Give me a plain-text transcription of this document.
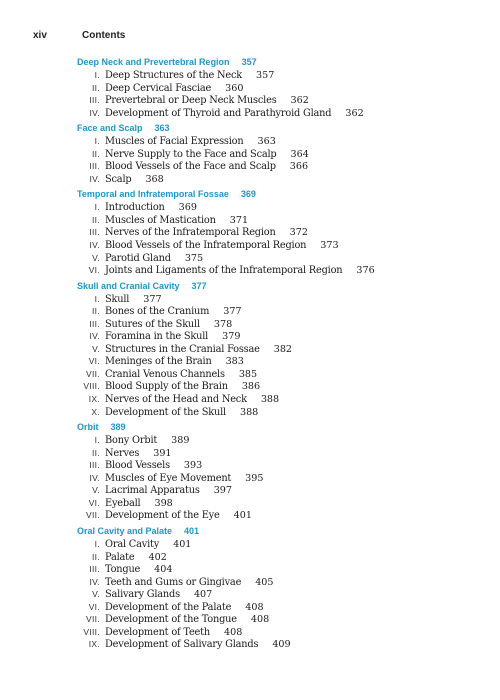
xiv	Contents
Deep Neck and Prevertebral Region 357
I. Deep Structures of the Neck 357
II. Deep Cervical Fasciae 360
III. Prevertebral or Deep Neck Muscles 362
IV. Development of Thyroid and Parathyroid Gland 362
Face and Scalp 363
I. Muscles of Facial Expression 363
II. Nerve Supply to the Face and Scalp 364
III. Blood Vessels of the Face and Scalp 366
IV. Scalp 368
Temporal and Infratemporal Fossae 369
I. Introduction 369
II. Muscles of Mastication 371
III. Nerves of the Infratemporal Region 372
IV. Blood Vessels of the Infratemporal Region 373
V. Parotid Gland 375
VI. Joints and Ligaments of the Infratemporal Region 376
Skull and Cranial Cavity 377
I. Skull 377
II. Bones of the Cranium 377
III. Sutures of the Skull 378
IV. Foramina in the Skull 379
V. Structures in the Cranial Fossae 382
VI. Meninges of the Brain 383
VII. Cranial Venous Channels 385
VIII. Blood Supply of the Brain 386
IX. Nerves of the Head and Neck 388
X. Development of the Skull 388
Orbit 389
I. Bony Orbit 389
II. Nerves 391
III. Blood Vessels 393
IV. Muscles of Eye Movement 395
V. Lacrimal Apparatus 397
VI. Eyeball 398
VII. Development of the Eye 401
Oral Cavity and Palate 401
I. Oral Cavity 401
II. Palate 402
III. Tongue 404
IV. Teeth and Gums or Gingivae 405
V. Salivary Glands 407
VI. Development of the Palate 408
VII. Development of the Tongue 408
VIII. Development of Teeth 408
IX. Development of Salivary Glands 409
